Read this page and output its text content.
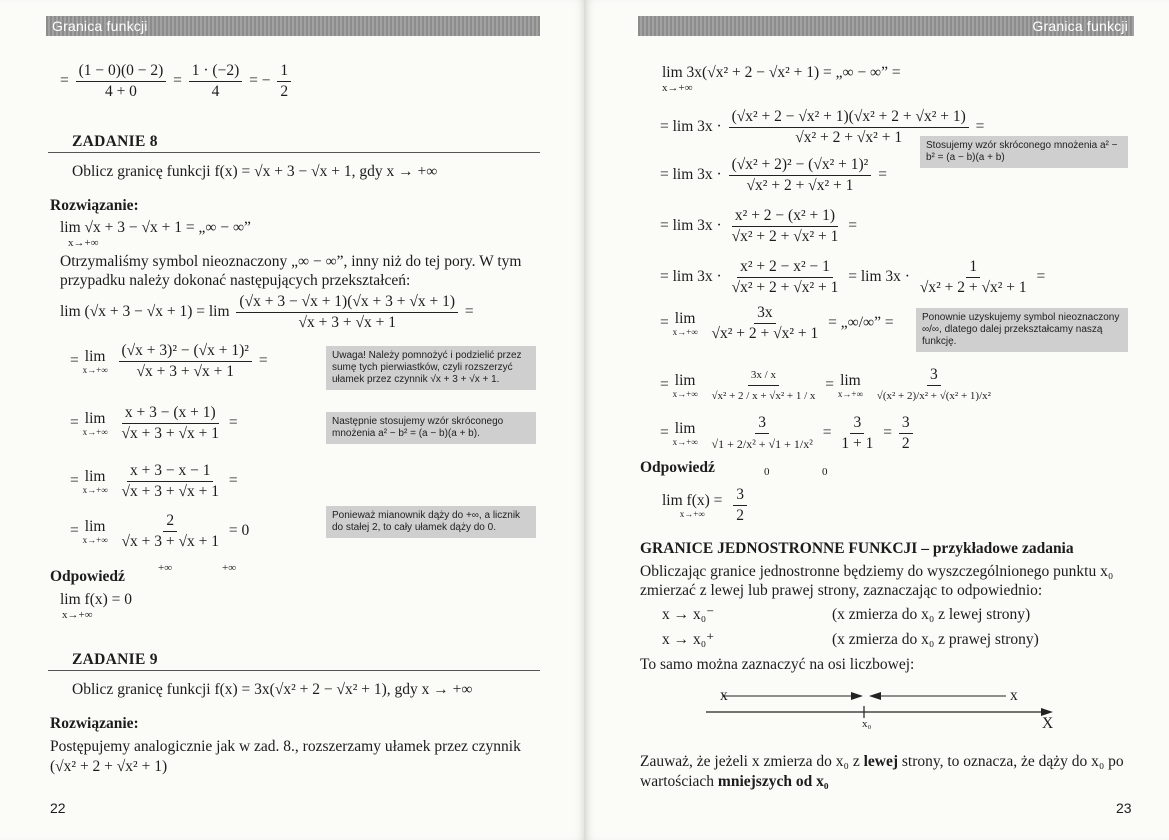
Granica funkcji
= $\frac{(1 - 0)(0 - 2)}{4 + 0} = \frac{1 \cdot (-2)}{4}$ = − $\frac{1}{2}$
ZADANIE 8
Oblicz granicę funkcji f(x) = √x + 3 − √x + 1, gdy x → +∞
Rozwiązanie:
lim √x + 3 − √x + 1 = „∞ − ∞”
x→+∞
Otrzymaliśmy symbol nieoznaczony „∞ − ∞”, inny niż do tej pory. W tym
przypadku należy dokonać następujących przekształceń:
$\lim (√x + 3 - √x + 1) = \lim \frac{(√x + 3 - √x + 1)(√x + 3 + √x + 1)}{√x + 3 + √x + 1}$ =
= lim
x→+∞
$\frac{\text{(√x + 3)² − (√x + 1)²}}{√x + 3 + √x + 1}$ =
= lim
x→+∞
$\frac{x + 3 - (x + 1)}{√x + 3 + √x + 1}$ =
= lim
x→+∞
$\frac{x + 3 - x - 1}{√x + 3 + √x + 1}$ =
= lim
x→+∞
$\frac{2}{√x + 3 + √x + 1} = 0$
+∞	+∞
Odpowiedź
lim f(x) = 0
x→+∞
Uwaga! Należy pomnożyć i podzielić przez sumę tych pierwiastków, czyli rozszerzyć ułamek przez czynnik √x + 3 + √x + 1.
Następnie stosujemy wzór skróconego mnożenia a² − b² = (a − b)(a + b).
Ponieważ mianownik dąży do +∞, a licznik do stałej 2, to cały ułamek dąży do 0.
ZADANIE 9
Oblicz granicę funkcji f(x) = 3x(√x² + 2 − √x² + 1), gdy x → +∞
Rozwiązanie:
Postępujemy analogicznie jak w zad. 8., rozszerzamy ułamek przez czynnik
(√x² + 2 + √x² + 1)
22
Granica funkcji
lim 3x(√x² + 2 − √x² + 1) = „∞ − ∞” =
x→+∞
= $\lim 3x \cdot \frac{\text{(√x² + 2 − √x² + 1)(√x² + 2 + √x² + 1)}}{\text{√x² + 2 + √x² + 1}}$ =
Stosujemy wzór skróconego mnożenia a² − b² = (a − b)(a + b)
= $\lim 3x \cdot \frac{\text{(√x² + 2)² − (√x² + 1)²}}{\text{√x² + 2 + √x² + 1}}$ =
= $\lim 3x \cdot \frac{\text{x² + 2 − (x² + 1)}}{\text{√x² + 2 + √x² + 1}}$ =
= $\lim 3x \cdot \frac{\text{x² + 2 − x² − 1}}{\text{√x² + 2 + √x² + 1}} = \lim 3x \cdot \frac{1}{\text{√x² + 2 + √x² + 1}}$ =
= lim
x→+∞
$\frac{3x}{\text{√x² + 2 + √x² + 1}}$ = „∞/∞” =	Ponownie uzyskujemy symbol nieoznaczony ∞/∞, dlatego dalej przekształcamy naszą funkcję.
= lim
x→+∞
$\frac{3x / x}{\text{√x² + 2 / x + √x² + 1 / x}} = \lim$
x→+∞
$\frac{3}{\text{√(x² + 2)/x² + √(x² + 1)/x²}}$
= lim
x→+∞
$\frac{3}{\text{√1 + 2/x² + √1 + 1/x²}} = \frac{3}{1 + 1} = \frac{3}{2}$
Odpowiedź	0	0
lim f(x) =
x→+∞
$\frac{3}{2}$
GRANICE JEDNOSTRONNE FUNKCJI – przykładowe zadania
Obliczając granice jednostronne będziemy do wyszczególnionego punktu x₀
zmierzać z lewej lub prawej strony, zaznaczając to odpowiednio:
x → x₀⁻	(x zmierza do x₀ z lewej strony)
x → x₀⁺	(x zmierza do x₀ z prawej strony)
To samo można zaznaczyć na osi liczbowej:
x	x
x₀	X
Zauważ, że jeżeli x zmierza do x₀ z lewej strony, to oznacza, że dąży do x₀ po
wartościach mniejszych od x₀
23
